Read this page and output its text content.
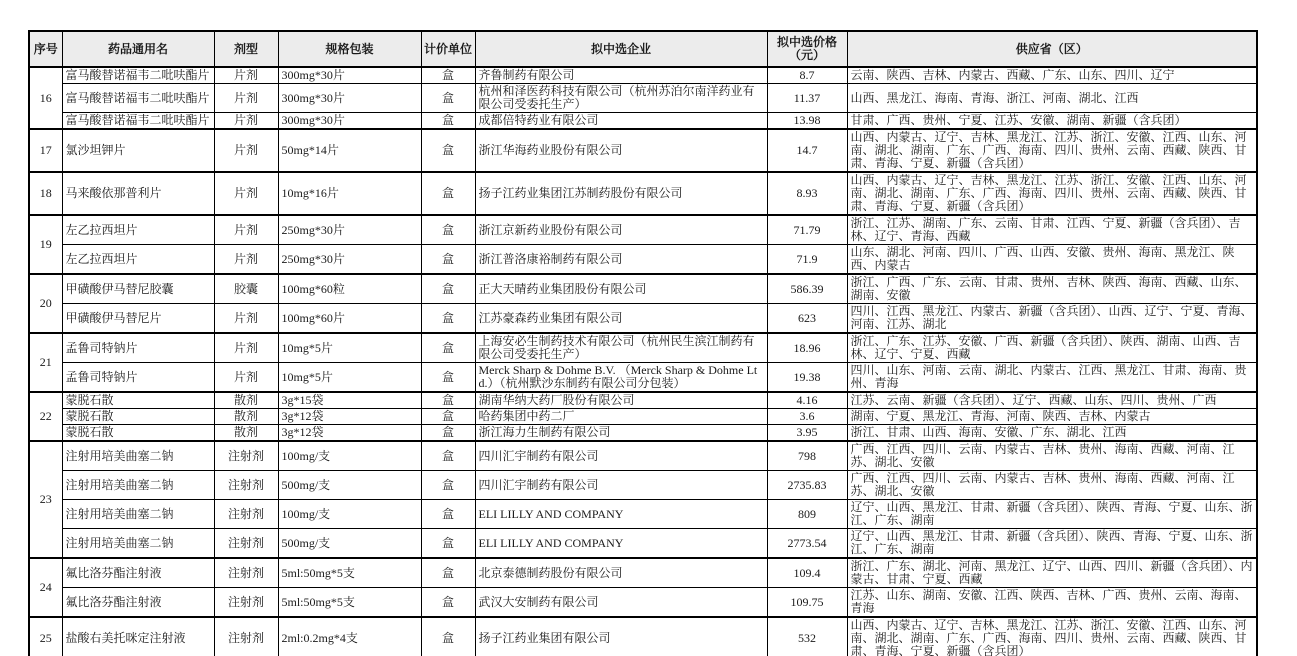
序号	药品通用名	剂型	规格包装	计价单位	拟中选企业	拟中选价格（元）	供应省（区）
16	富马酸替诺福韦二吡呋酯片	片剂	300mg*30片	盒	齐鲁制药有限公司	8.7	云南、陕西、吉林、内蒙古、西藏、广东、山东、四川、辽宁
	富马酸替诺福韦二吡呋酯片	片剂	300mg*30片	盒	杭州和泽医药科技有限公司（杭州苏泊尔南洋药业有限公司受委托生产）	11.37	山西、黑龙江、海南、青海、浙江、河南、湖北、江西
	富马酸替诺福韦二吡呋酯片	片剂	300mg*30片	盒	成都倍特药业有限公司	13.98	甘肃、广西、贵州、宁夏、江苏、安徽、湖南、新疆（含兵团）
17	氯沙坦钾片	片剂	50mg*14片	盒	浙江华海药业股份有限公司	14.7	山西、内蒙古、辽宁、吉林、黑龙江、江苏、浙江、安徽、江西、山东、河南、湖北、湖南、广东、广西、海南、四川、贵州、云南、西藏、陕西、甘肃、青海、宁夏、新疆（含兵团）
18	马来酸依那普利片	片剂	10mg*16片	盒	扬子江药业集团江苏制药股份有限公司	8.93	山西、内蒙古、辽宁、吉林、黑龙江、江苏、浙江、安徽、江西、山东、河南、湖北、湖南、广东、广西、海南、四川、贵州、云南、西藏、陕西、甘肃、青海、宁夏、新疆（含兵团）
19	左乙拉西坦片	片剂	250mg*30片	盒	浙江京新药业股份有限公司	71.79	浙江、江苏、湖南、广东、云南、甘肃、江西、宁夏、新疆（含兵团）、吉林、辽宁、青海、西藏
	左乙拉西坦片	片剂	250mg*30片	盒	浙江普洛康裕制药有限公司	71.9	山东、湖北、河南、四川、广西、山西、安徽、贵州、海南、黑龙江、陕西、内蒙古
20	甲磺酸伊马替尼胶囊	胶囊	100mg*60粒	盒	正大天晴药业集团股份有限公司	586.39	浙江、广西、广东、云南、甘肃、贵州、吉林、陕西、海南、西藏、山东、湖南、安徽
	甲磺酸伊马替尼片	片剂	100mg*60片	盒	江苏豪森药业集团有限公司	623	四川、江西、黑龙江、内蒙古、新疆（含兵团）、山西、辽宁、宁夏、青海、河南、江苏、湖北
21	孟鲁司特钠片	片剂	10mg*5片	盒	上海安必生制药技术有限公司（杭州民生滨江制药有限公司受委托生产）	18.96	浙江、广东、江苏、安徽、广西、新疆（含兵团）、陕西、湖南、山西、吉林、辽宁、宁夏、西藏
	孟鲁司特钠片	片剂	10mg*5片	盒	Merck Sharp & Dohme B.V. （Merck Sharp & Dohme Ltd.）（杭州默沙东制药有限公司分包装）	19.38	四川、山东、河南、云南、湖北、内蒙古、江西、黑龙江、甘肃、海南、贵州、青海
22	蒙脱石散	散剂	3g*15袋	盒	湖南华纳大药厂股份有限公司	4.16	江苏、云南、新疆（含兵团）、辽宁、西藏、山东、四川、贵州、广西
	蒙脱石散	散剂	3g*12袋	盒	哈药集团中药二厂	3.6	湖南、宁夏、黑龙江、青海、河南、陕西、吉林、内蒙古
	蒙脱石散	散剂	3g*12袋	盒	浙江海力生制药有限公司	3.95	浙江、甘肃、山西、海南、安徽、广东、湖北、江西
23	注射用培美曲塞二钠	注射剂	100mg/支	盒	四川汇宇制药有限公司	798	广西、江西、四川、云南、内蒙古、吉林、贵州、海南、西藏、河南、江苏、湖北、安徽
	注射用培美曲塞二钠	注射剂	500mg/支	盒	四川汇宇制药有限公司	2735.83	广西、江西、四川、云南、内蒙古、吉林、贵州、海南、西藏、河南、江苏、湖北、安徽
	注射用培美曲塞二钠	注射剂	100mg/支	盒	ELI LILLY AND COMPANY	809	辽宁、山西、黑龙江、甘肃、新疆（含兵团）、陕西、青海、宁夏、山东、浙江、广东、湖南
	注射用培美曲塞二钠	注射剂	500mg/支	盒	ELI LILLY AND COMPANY	2773.54	辽宁、山西、黑龙江、甘肃、新疆（含兵团）、陕西、青海、宁夏、山东、浙江、广东、湖南
24	氟比洛芬酯注射液	注射剂	5ml:50mg*5支	盒	北京泰德制药股份有限公司	109.4	浙江、广东、湖北、河南、黑龙江、辽宁、山西、四川、新疆（含兵团）、内蒙古、甘肃、宁夏、西藏
	氟比洛芬酯注射液	注射剂	5ml:50mg*5支	盒	武汉大安制药有限公司	109.75	江苏、山东、湖南、安徽、江西、陕西、吉林、广西、贵州、云南、海南、青海
25	盐酸右美托咪定注射液	注射剂	2ml:0.2mg*4支	盒	扬子江药业集团有限公司	532	山西、内蒙古、辽宁、吉林、黑龙江、江苏、浙江、安徽、江西、山东、河南、湖北、湖南、广东、广西、海南、四川、贵州、云南、西藏、陕西、甘肃、青海、宁夏、新疆（含兵团）
